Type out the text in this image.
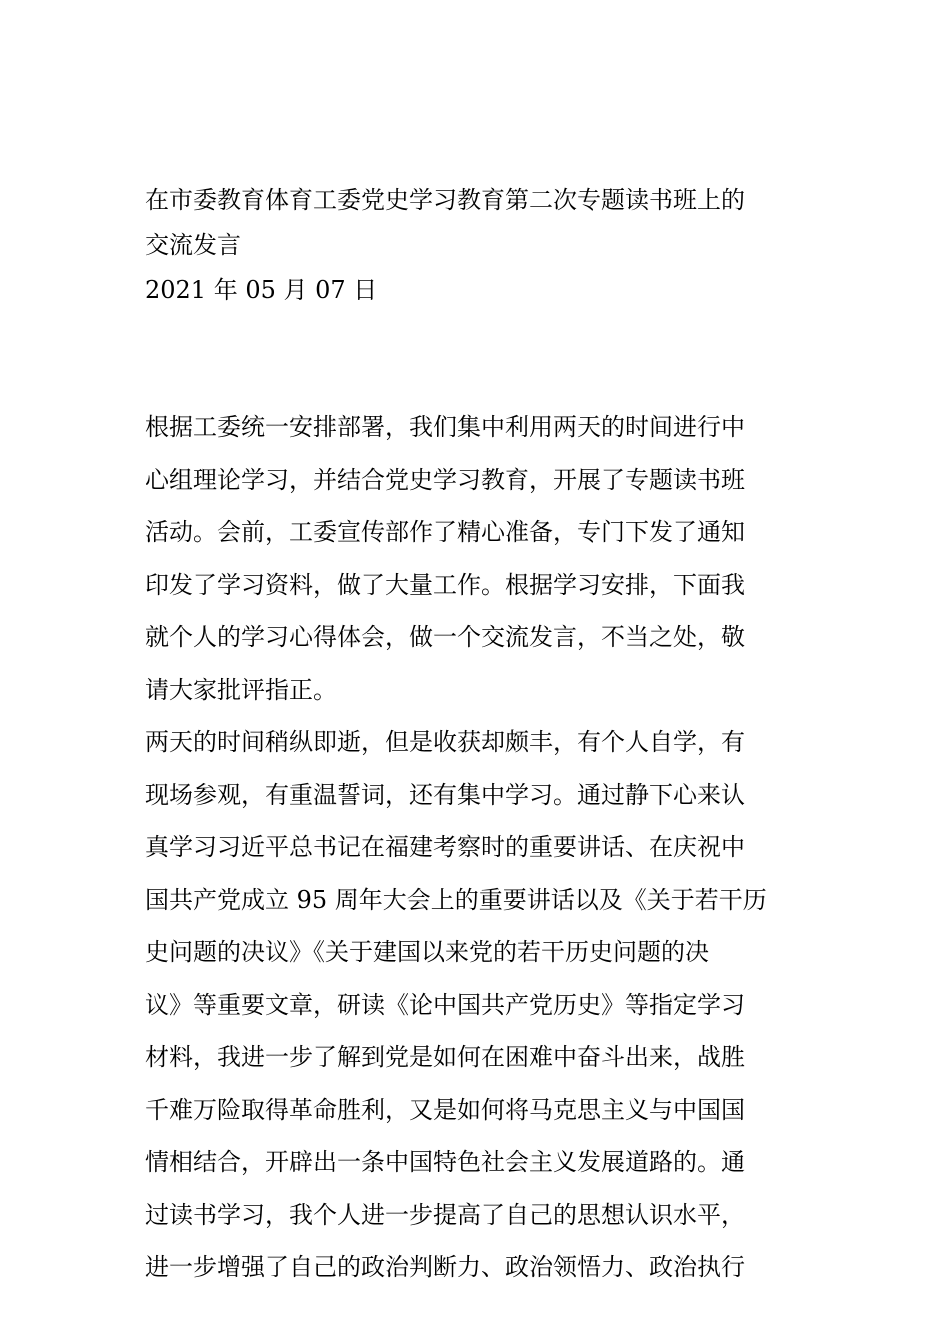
在市委教育体育工委党史学习教育第二次专题读书班上的
交流发言
2021 年 05 月 07 日
根据工委统一安排部署，我们集中利用两天的时间进行中
心组理论学习，并结合党史学习教育，开展了专题读书班
活动。会前，工委宣传部作了精心准备，专门下发了通知
印发了学习资料，做了大量工作。根据学习安排，下面我
就个人的学习心得体会，做一个交流发言，不当之处，敬
请大家批评指正。
两天的时间稍纵即逝，但是收获却颇丰，有个人自学，有
现场参观，有重温誓词，还有集中学习。通过静下心来认
真学习习近平总书记在福建考察时的重要讲话、在庆祝中
国共产党成立 95 周年大会上的重要讲话以及《关于若干历
史问题的决议》《关于建国以来党的若干历史问题的决
议》等重要文章，研读《论中国共产党历史》等指定学习
材料，我进一步了解到党是如何在困难中奋斗出来，战胜
千难万险取得革命胜利，又是如何将马克思主义与中国国
情相结合，开辟出一条中国特色社会主义发展道路的。通
过读书学习，我个人进一步提高了自己的思想认识水平，
进一步增强了自己的政治判断力、政治领悟力、政治执行
